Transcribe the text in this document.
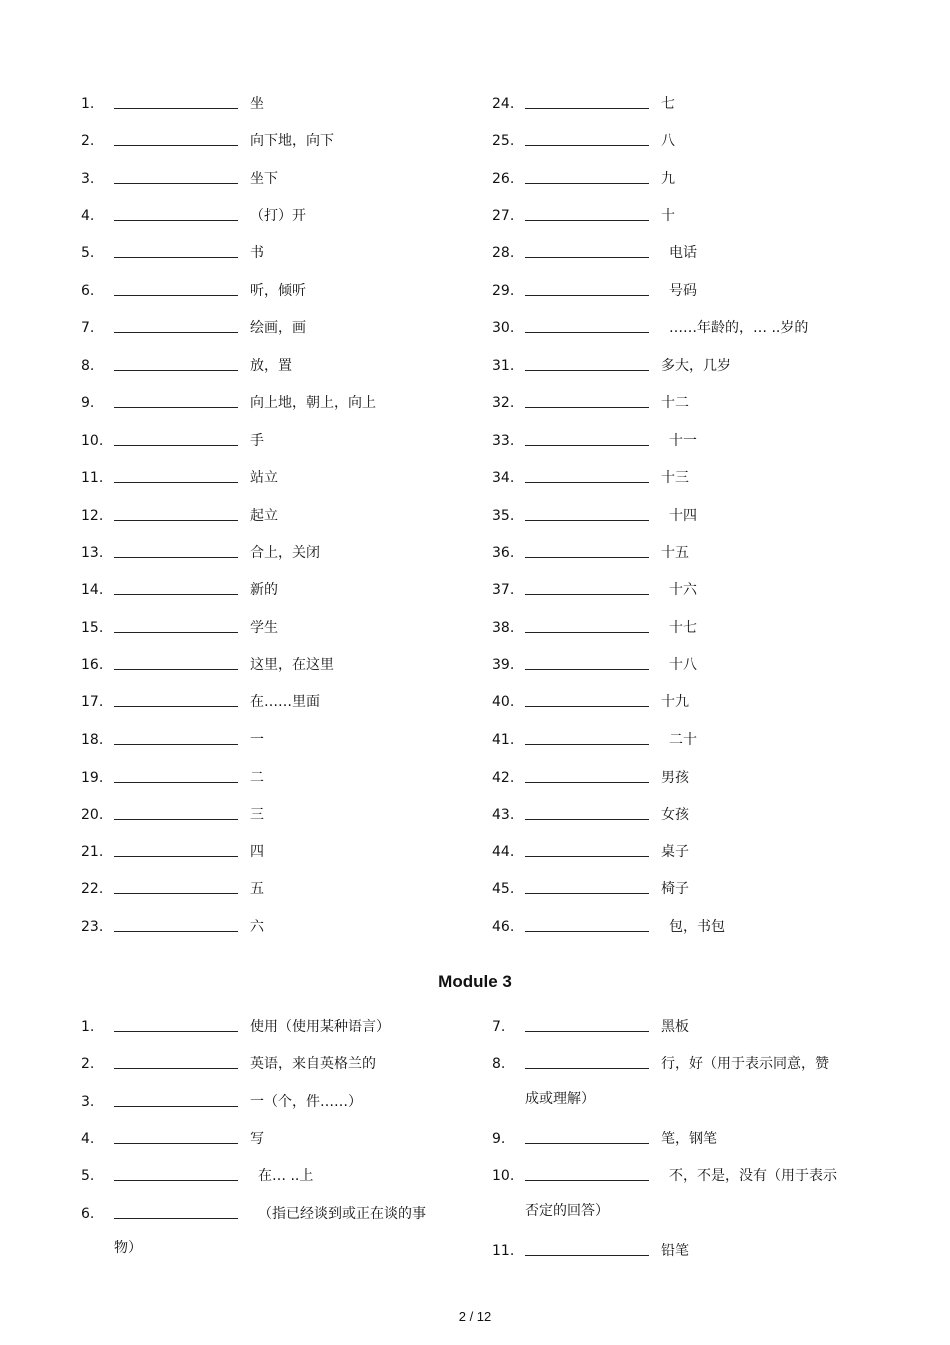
1.	坐
2.	向下地，向下
3.	坐下
4.	（打）开
5.	书
6.	听，倾听
7.	绘画，画
8.	放，置
9.	向上地，朝上，向上
10.	手
11.	站立
12.	起立
13.	合上，关闭
14.	新的
15.	学生
16.	这里，在这里
17.	在……里面
18.	一
19.	二
20.	三
21.	四
22.	五
23.	六
24.	七
25.	八
26.	九
27.	十
28.	电话
29.	号码
30.	……年龄的，… ..岁的
31.	多大，几岁
32.	十二
33.	十一
34.	十三
35.	十四
36.	十五
37.	十六
38.	十七
39.	十八
40.	十九
41.	二十
42.	男孩
43.	女孩
44.	桌子
45.	椅子
46.	包，书包
Module 3
1.	使用（使用某种语言）
2.	英语，来自英格兰的
3.	一（个，件……）
4.	写
5.	在… ..上
6.	（指已经谈到或正在谈的事
物）
7.	黑板
8.	行，好（用于表示同意，赞
成或理解）
9.	笔，钢笔
10.	不，不是，没有（用于表示
否定的回答）
11.	铅笔
2 / 12
